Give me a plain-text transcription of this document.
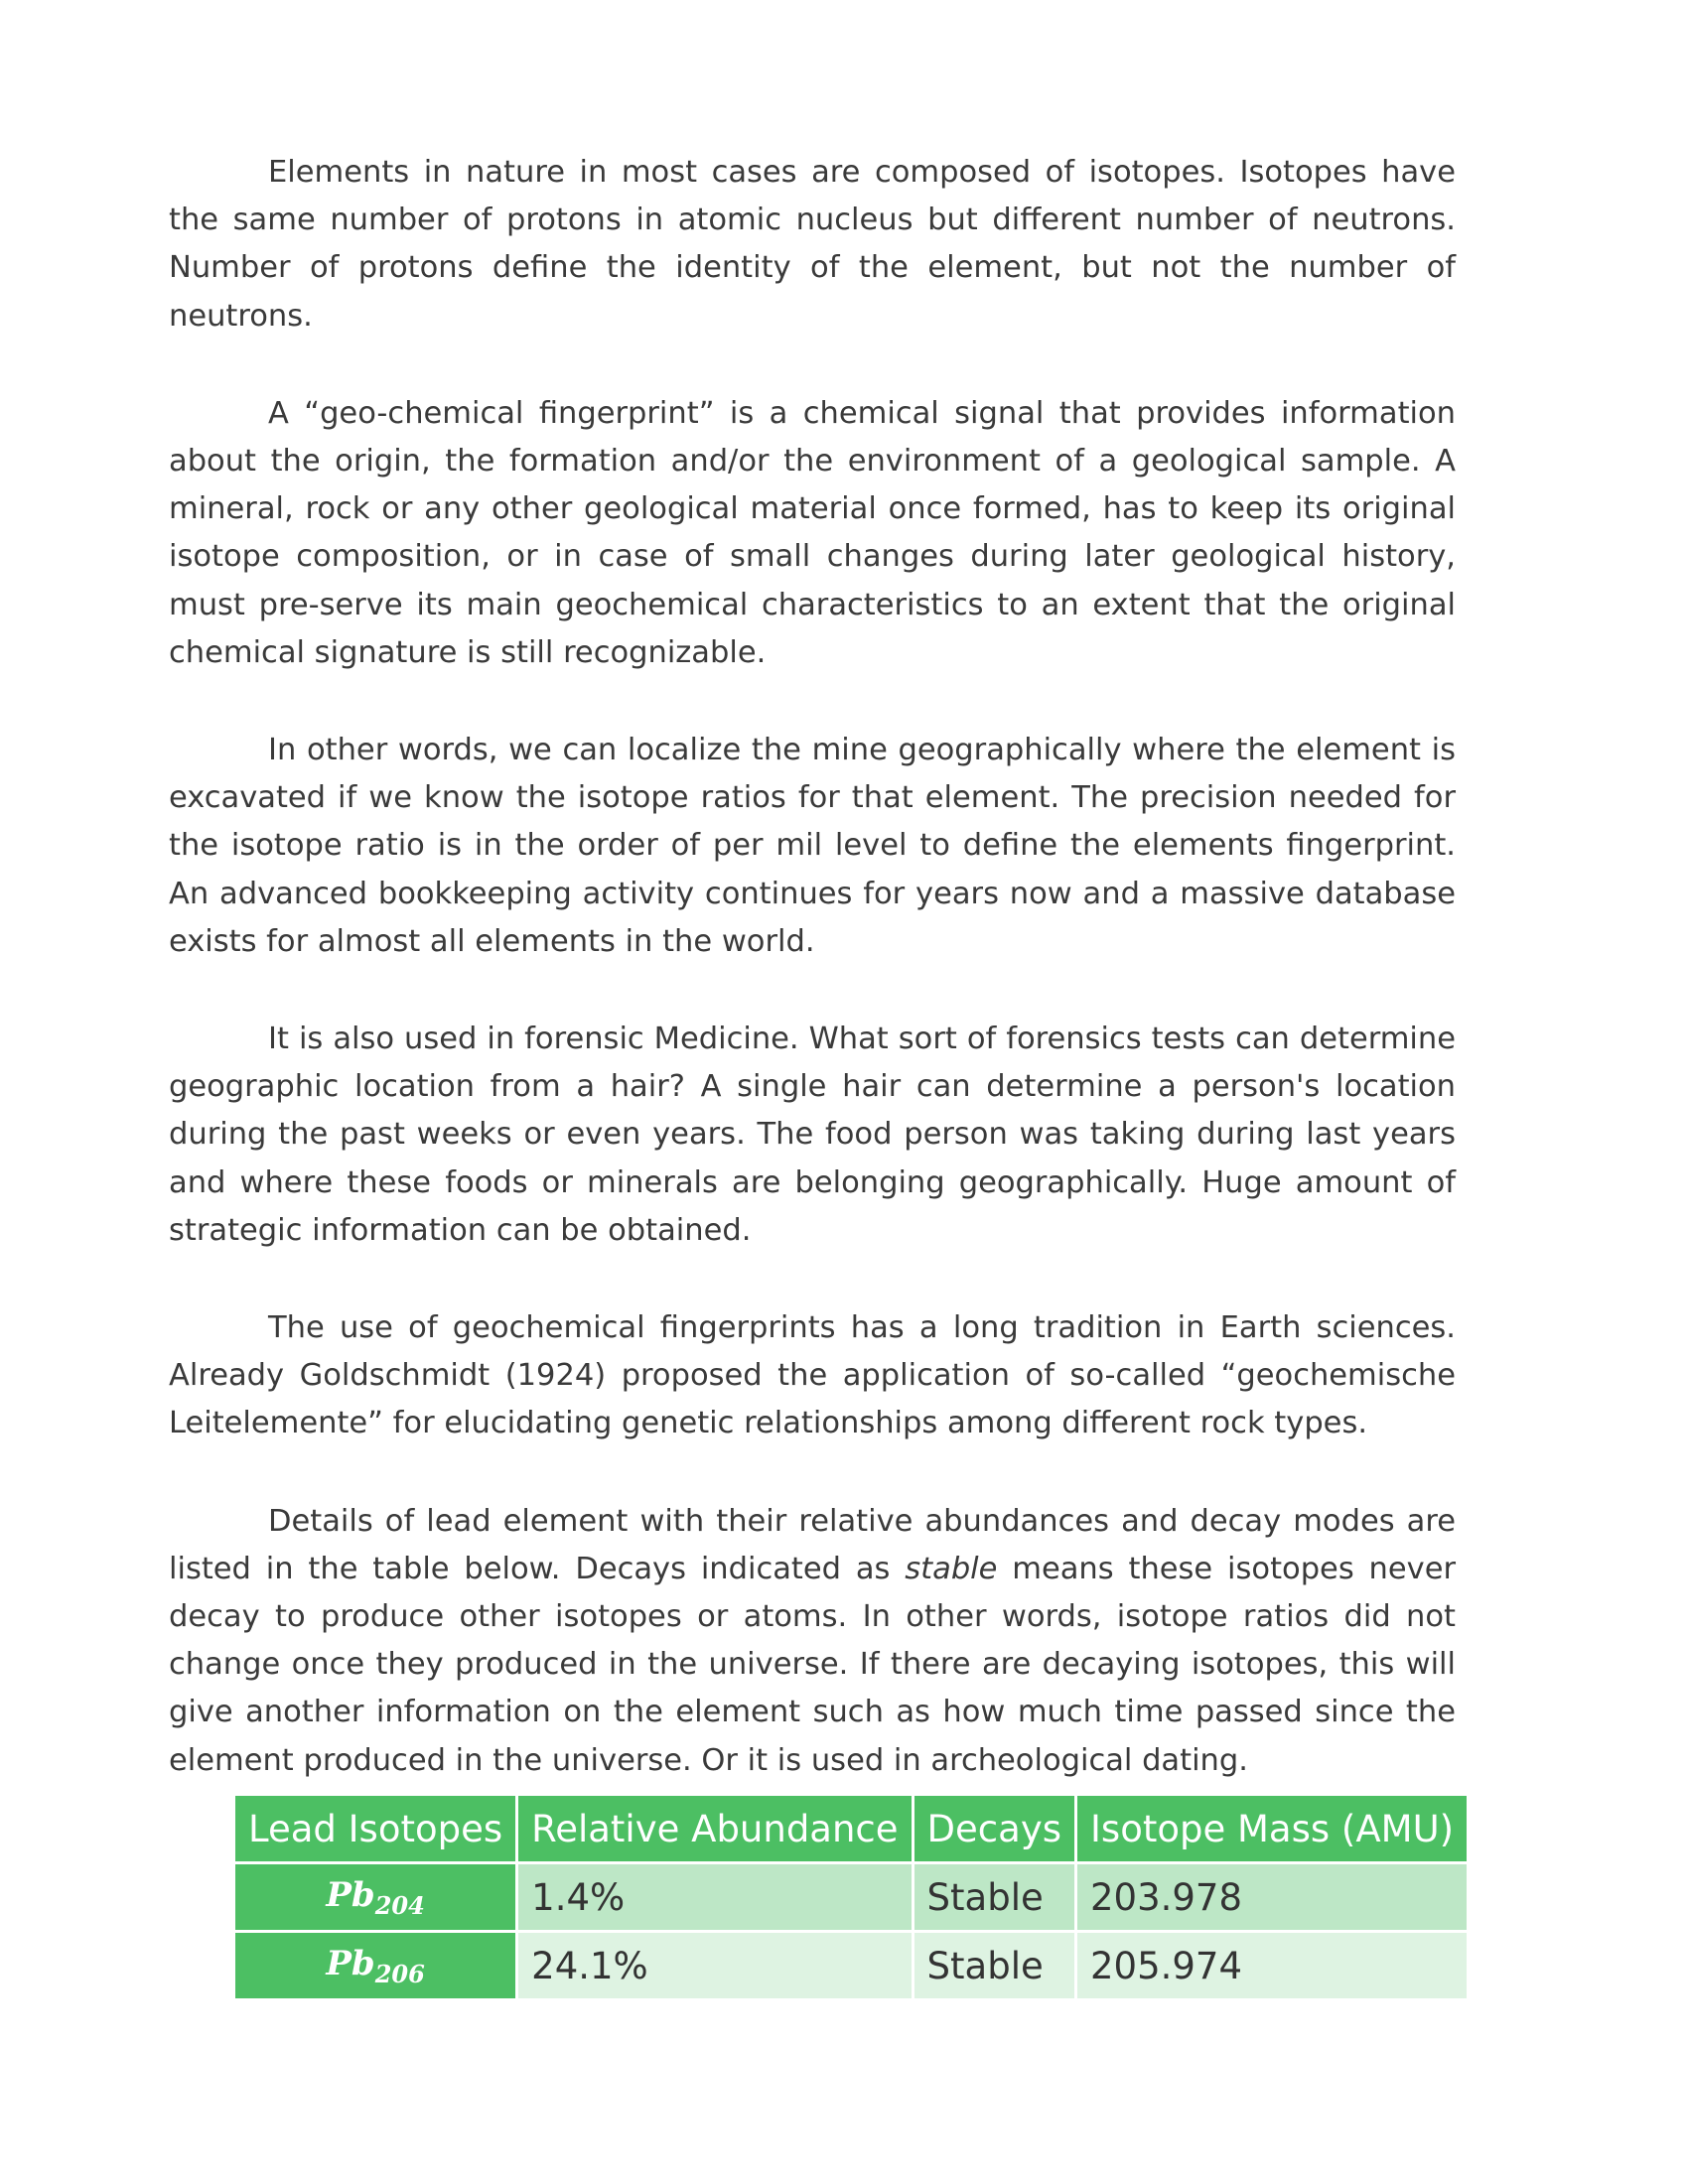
Elements in nature in most cases are composed of isotopes. Isotopes have the same number of protons in atomic nucleus but different number of neutrons. Number of protons define the identity of the element, but not the number of neutrons.

A “geo-chemical fingerprint” is a chemical signal that provides information about the origin, the formation and/or the environment of a geological sample. A mineral, rock or any other geological material once formed, has to keep its original isotope composition, or in case of small changes during later geological history, must pre-serve its main geochemical characteristics to an extent that the original chemical signature is still recognizable.

In other words, we can localize the mine geographically where the element is excavated if we know the isotope ratios for that element. The precision needed for the isotope ratio is in the order of per mil level to define the elements fingerprint. An advanced bookkeeping activity continues for years now and a massive database exists for almost all elements in the world.

It is also used in forensic Medicine. What sort of forensics tests can determine geographic location from a hair? A single hair can determine a person's location during the past weeks or even years. The food person was taking during last years and where these foods or minerals are belonging geographically. Huge amount of strategic information can be obtained.

The use of geochemical fingerprints has a long tradition in Earth sciences. Already Goldschmidt (1924) proposed the application of so-called “geochemische Leitelemente” for elucidating genetic relationships among different rock types.

Details of lead element with their relative abundances and decay modes are listed in the table below. Decays indicated as stable means these isotopes never decay to produce other isotopes or atoms. In other words, isotope ratios did not change once they produced in the universe. If there are decaying isotopes, this will give another information on the element such as how much time passed since the element produced in the universe. Or it is used in archeological dating.

Lead Isotopes	Relative Abundance	Decays	Isotope Mass (AMU)
$Pb_{204}$	1.4%	Stable	203.978
$Pb_{206}$	24.1%	Stable	205.974
